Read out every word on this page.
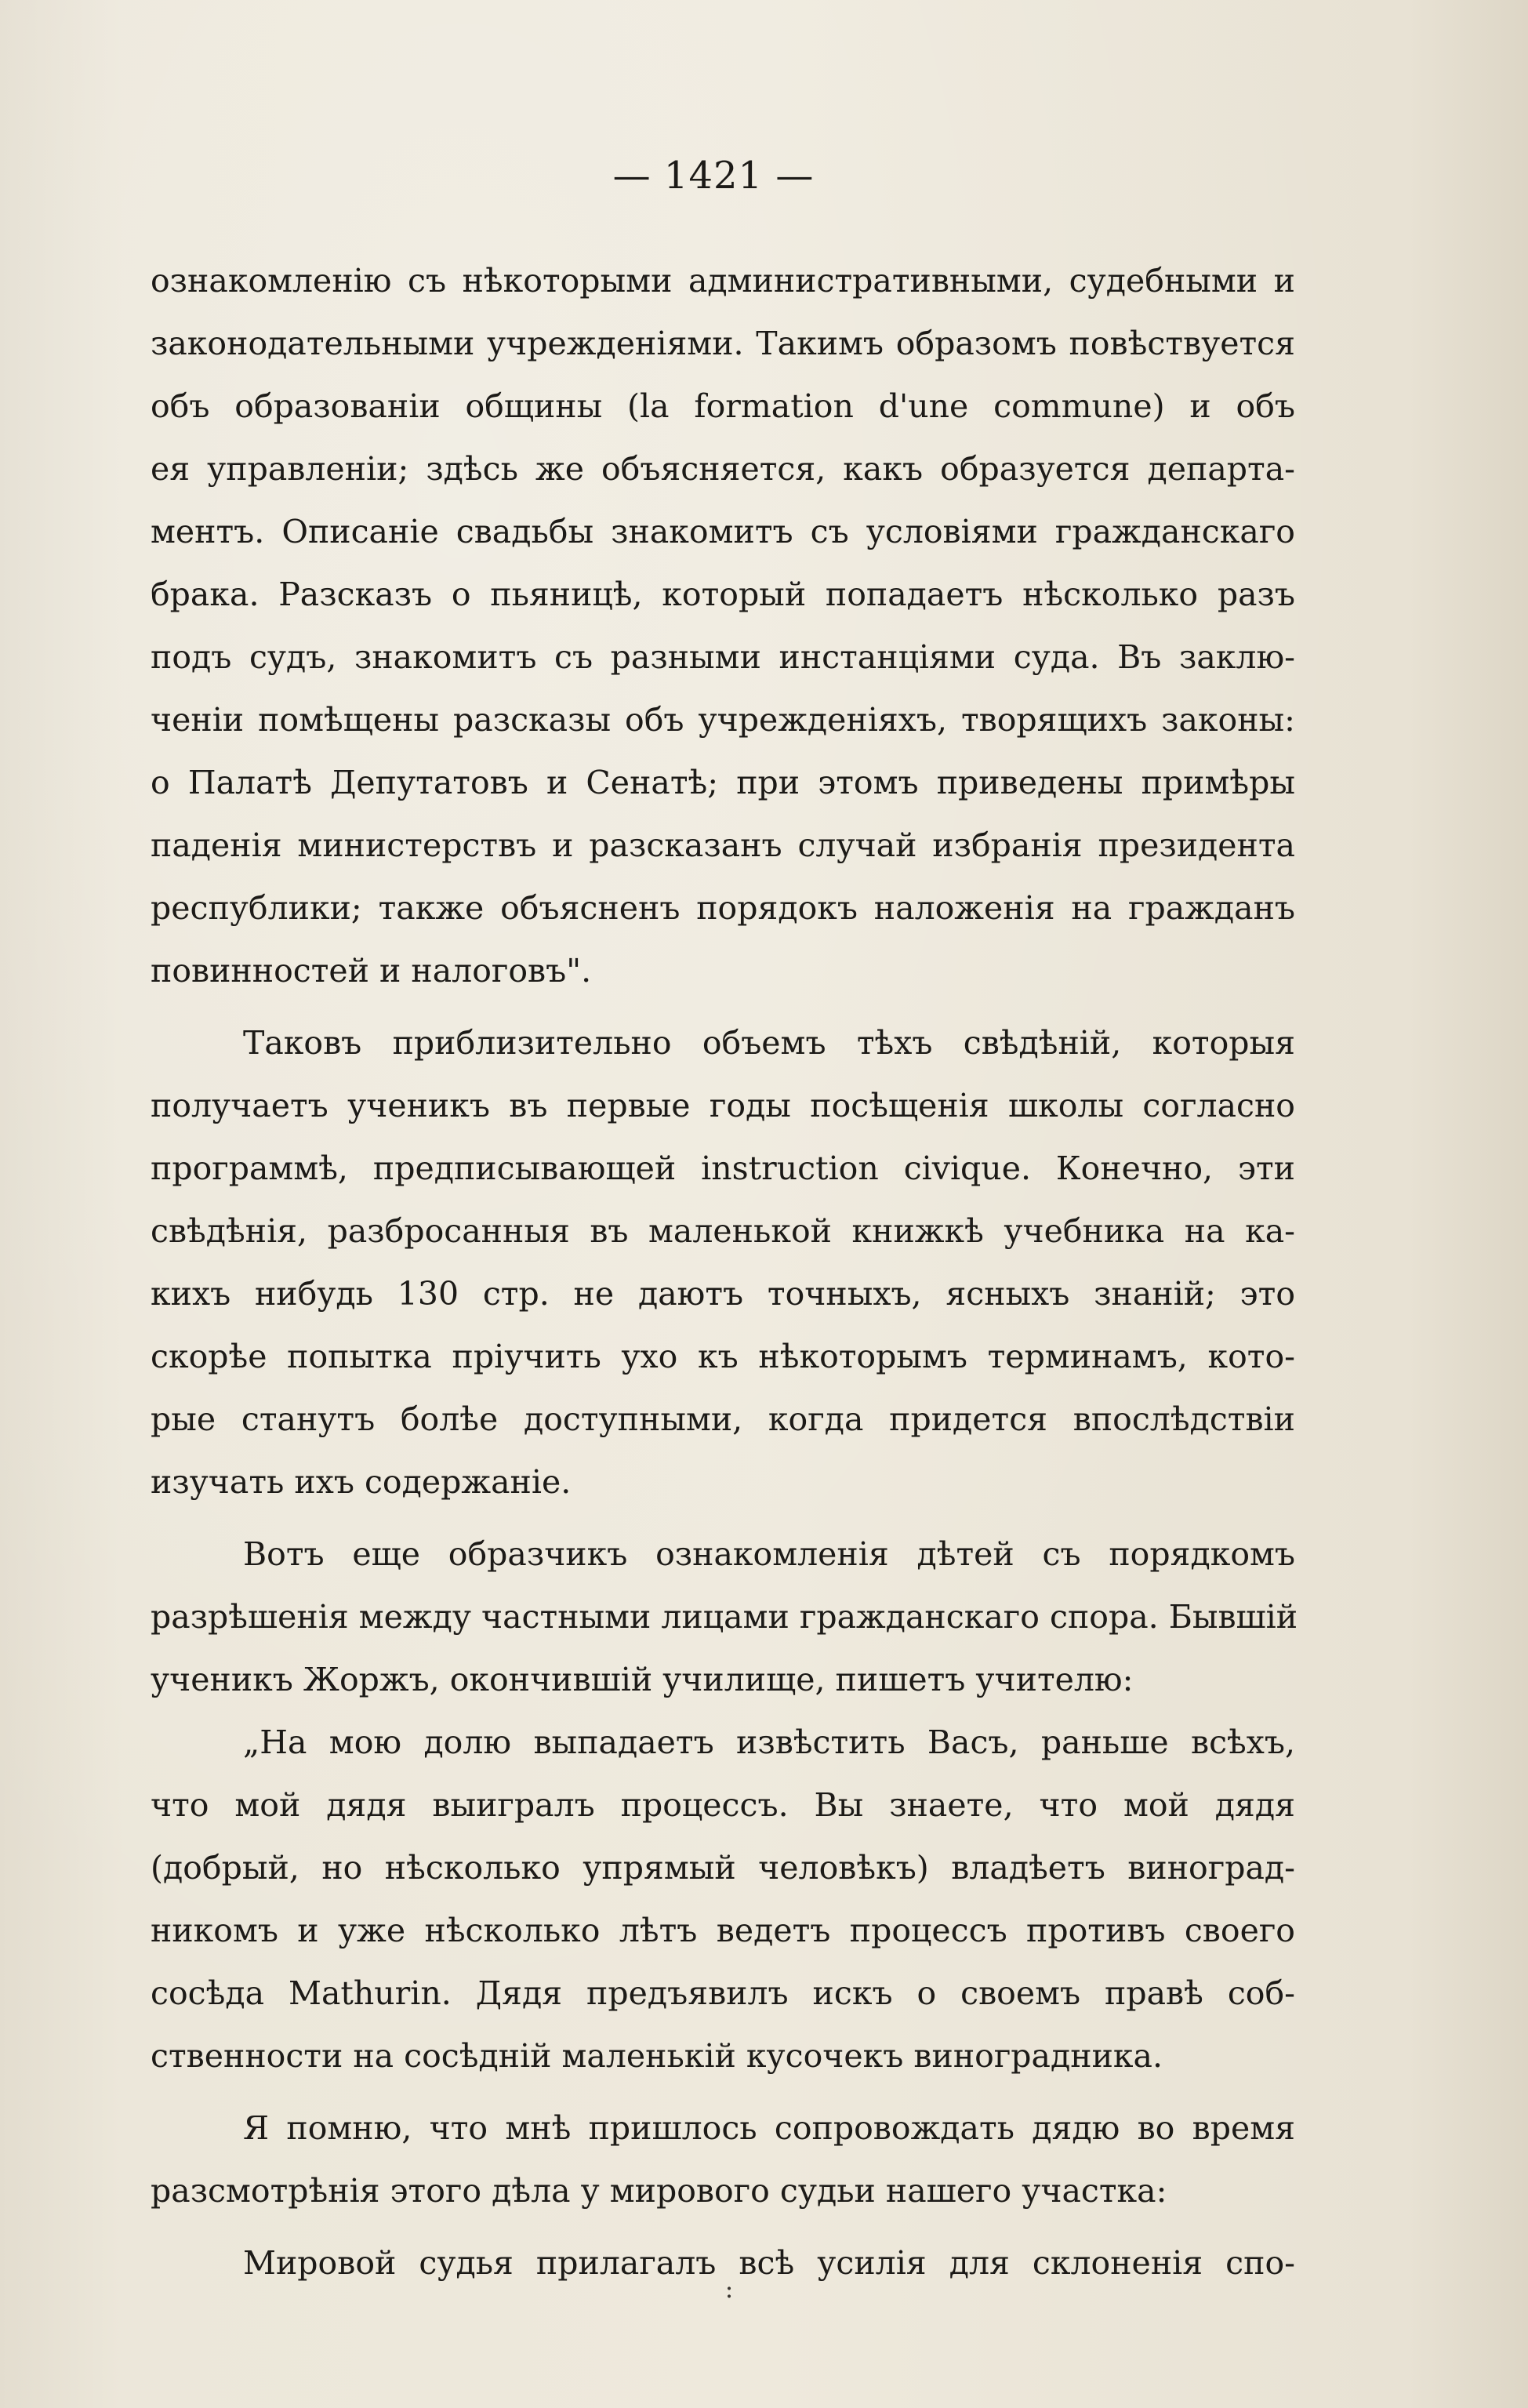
— 1421 —
ознакомленію съ нѣкоторыми административными, судебными и
законодательными учрежденіями. Такимъ образомъ повѣствуется
объ образованіи общины (la formation d'une commune) и объ
ея управленіи; здѣсь же объясняется, какъ образуется департа-
ментъ. Описаніе свадьбы знакомитъ съ условіями гражданскаго
брака. Разсказъ о пьяницѣ, который попадаетъ нѣсколько разъ
подъ судъ, знакомитъ съ разными инстанціями суда. Въ заклю-
ченіи помѣщены разсказы объ учрежденіяхъ, творящихъ законы:
о Палатѣ Депутатовъ и Сенатѣ; при этомъ приведены примѣры
паденія министерствъ и разсказанъ случай избранія президента
республики; также объясненъ порядокъ наложенія на гражданъ
повинностей и налоговъ".
Таковъ приблизительно объемъ тѣхъ свѣдѣній, которыя
получаетъ ученикъ въ первые годы посѣщенія школы согласно
программѣ, предписывающей instruction civique. Конечно, эти
свѣдѣнія, разбросанныя въ маленькой книжкѣ учебника на ка-
кихъ нибудь 130 стр. не даютъ точныхъ, ясныхъ знаній; это
скорѣе попытка пріучить ухо къ нѣкоторымъ терминамъ, кото-
рые станутъ болѣе доступными, когда придется впослѣдствіи
изучать ихъ содержаніе.
Вотъ еще образчикъ ознакомленія дѣтей съ порядкомъ
разрѣшенія между частными лицами гражданскаго спора. Бывшій
ученикъ Жоржъ, окончившій училище, пишетъ учителю:
„На мою долю выпадаетъ извѣстить Васъ, раньше всѣхъ,
что мой дядя выигралъ процессъ. Вы знаете, что мой дядя
(добрый, но нѣсколько упрямый человѣкъ) владѣетъ виноград-
никомъ и уже нѣсколько лѣтъ ведетъ процессъ противъ своего
сосѣда Mathurin. Дядя предъявилъ искъ о своемъ правѣ соб-
ственности на сосѣдній маленькій кусочекъ виноградника.
Я помню, что мнѣ пришлось сопровождать дядю во время
разсмотрѣнія этого дѣла у мирового судьи нашего участка:
Мировой судья прилагалъ всѣ усилія для склоненія спо-
:
